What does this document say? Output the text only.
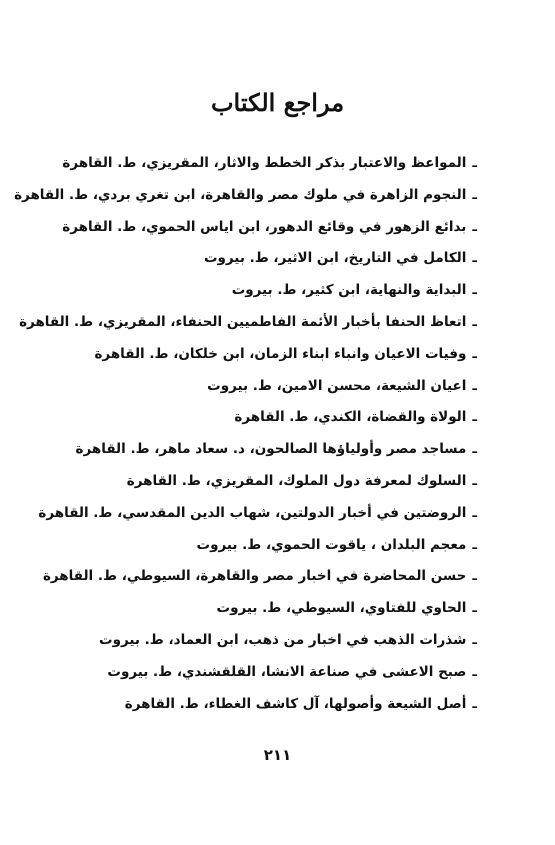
مراجع الكتاب
ـالمواعظ والاعتبار بذكر الخطط والاثار، المقريزي، ط. القاهرة
ـالنجوم الزاهرة في ملوك مصر والقاهرة، ابن تغري بردي، ط. القاهرة
ـبدائع الزهور في وقائع الدهور، ابن اياس الحموي، ط. القاهرة
ـالكامل في التاريخ، ابن الاثير، ط. بيروت
ـالبداية والنهاية، ابن كثير، ط. بيروت
ـاتعاظ الحنفا بأخبار الأئمة الفاطميين الحنفاء، المقريزي، ط. القاهرة
ـوفيات الاعيان وانباء ابناء الزمان، ابن خلكان، ط. القاهرة
ـاعيان الشيعة، محسن الامين، ط. بيروت
ـالولاة والقضاة، الكندي، ط. القاهرة
ـمساجد مصر وأولياؤها الصالحون، د. سعاد ماهر، ط. القاهرة
ـالسلوك لمعرفة دول الملوك، المقريزي، ط. القاهرة
ـالروضتين في أخبار الدولتين، شهاب الدين المقدسي، ط. القاهرة
ـمعجم البلدان ، ياقوت الحموي، ط. بيروت
ـحسن المحاضرة في اخبار مصر والقاهرة، السيوطي، ط. القاهرة
ـالحاوي للفتاوي، السيوطي، ط. بيروت
ـشذرات الذهب في اخبار من ذهب، ابن العماد، ط. بيروت
ـصبح الاعشى في صناعة الانشا، القلقشندي، ط. بيروت
ـأصل الشيعة وأصولها، آل كاشف الغطاء، ط. القاهرة
٢١١
